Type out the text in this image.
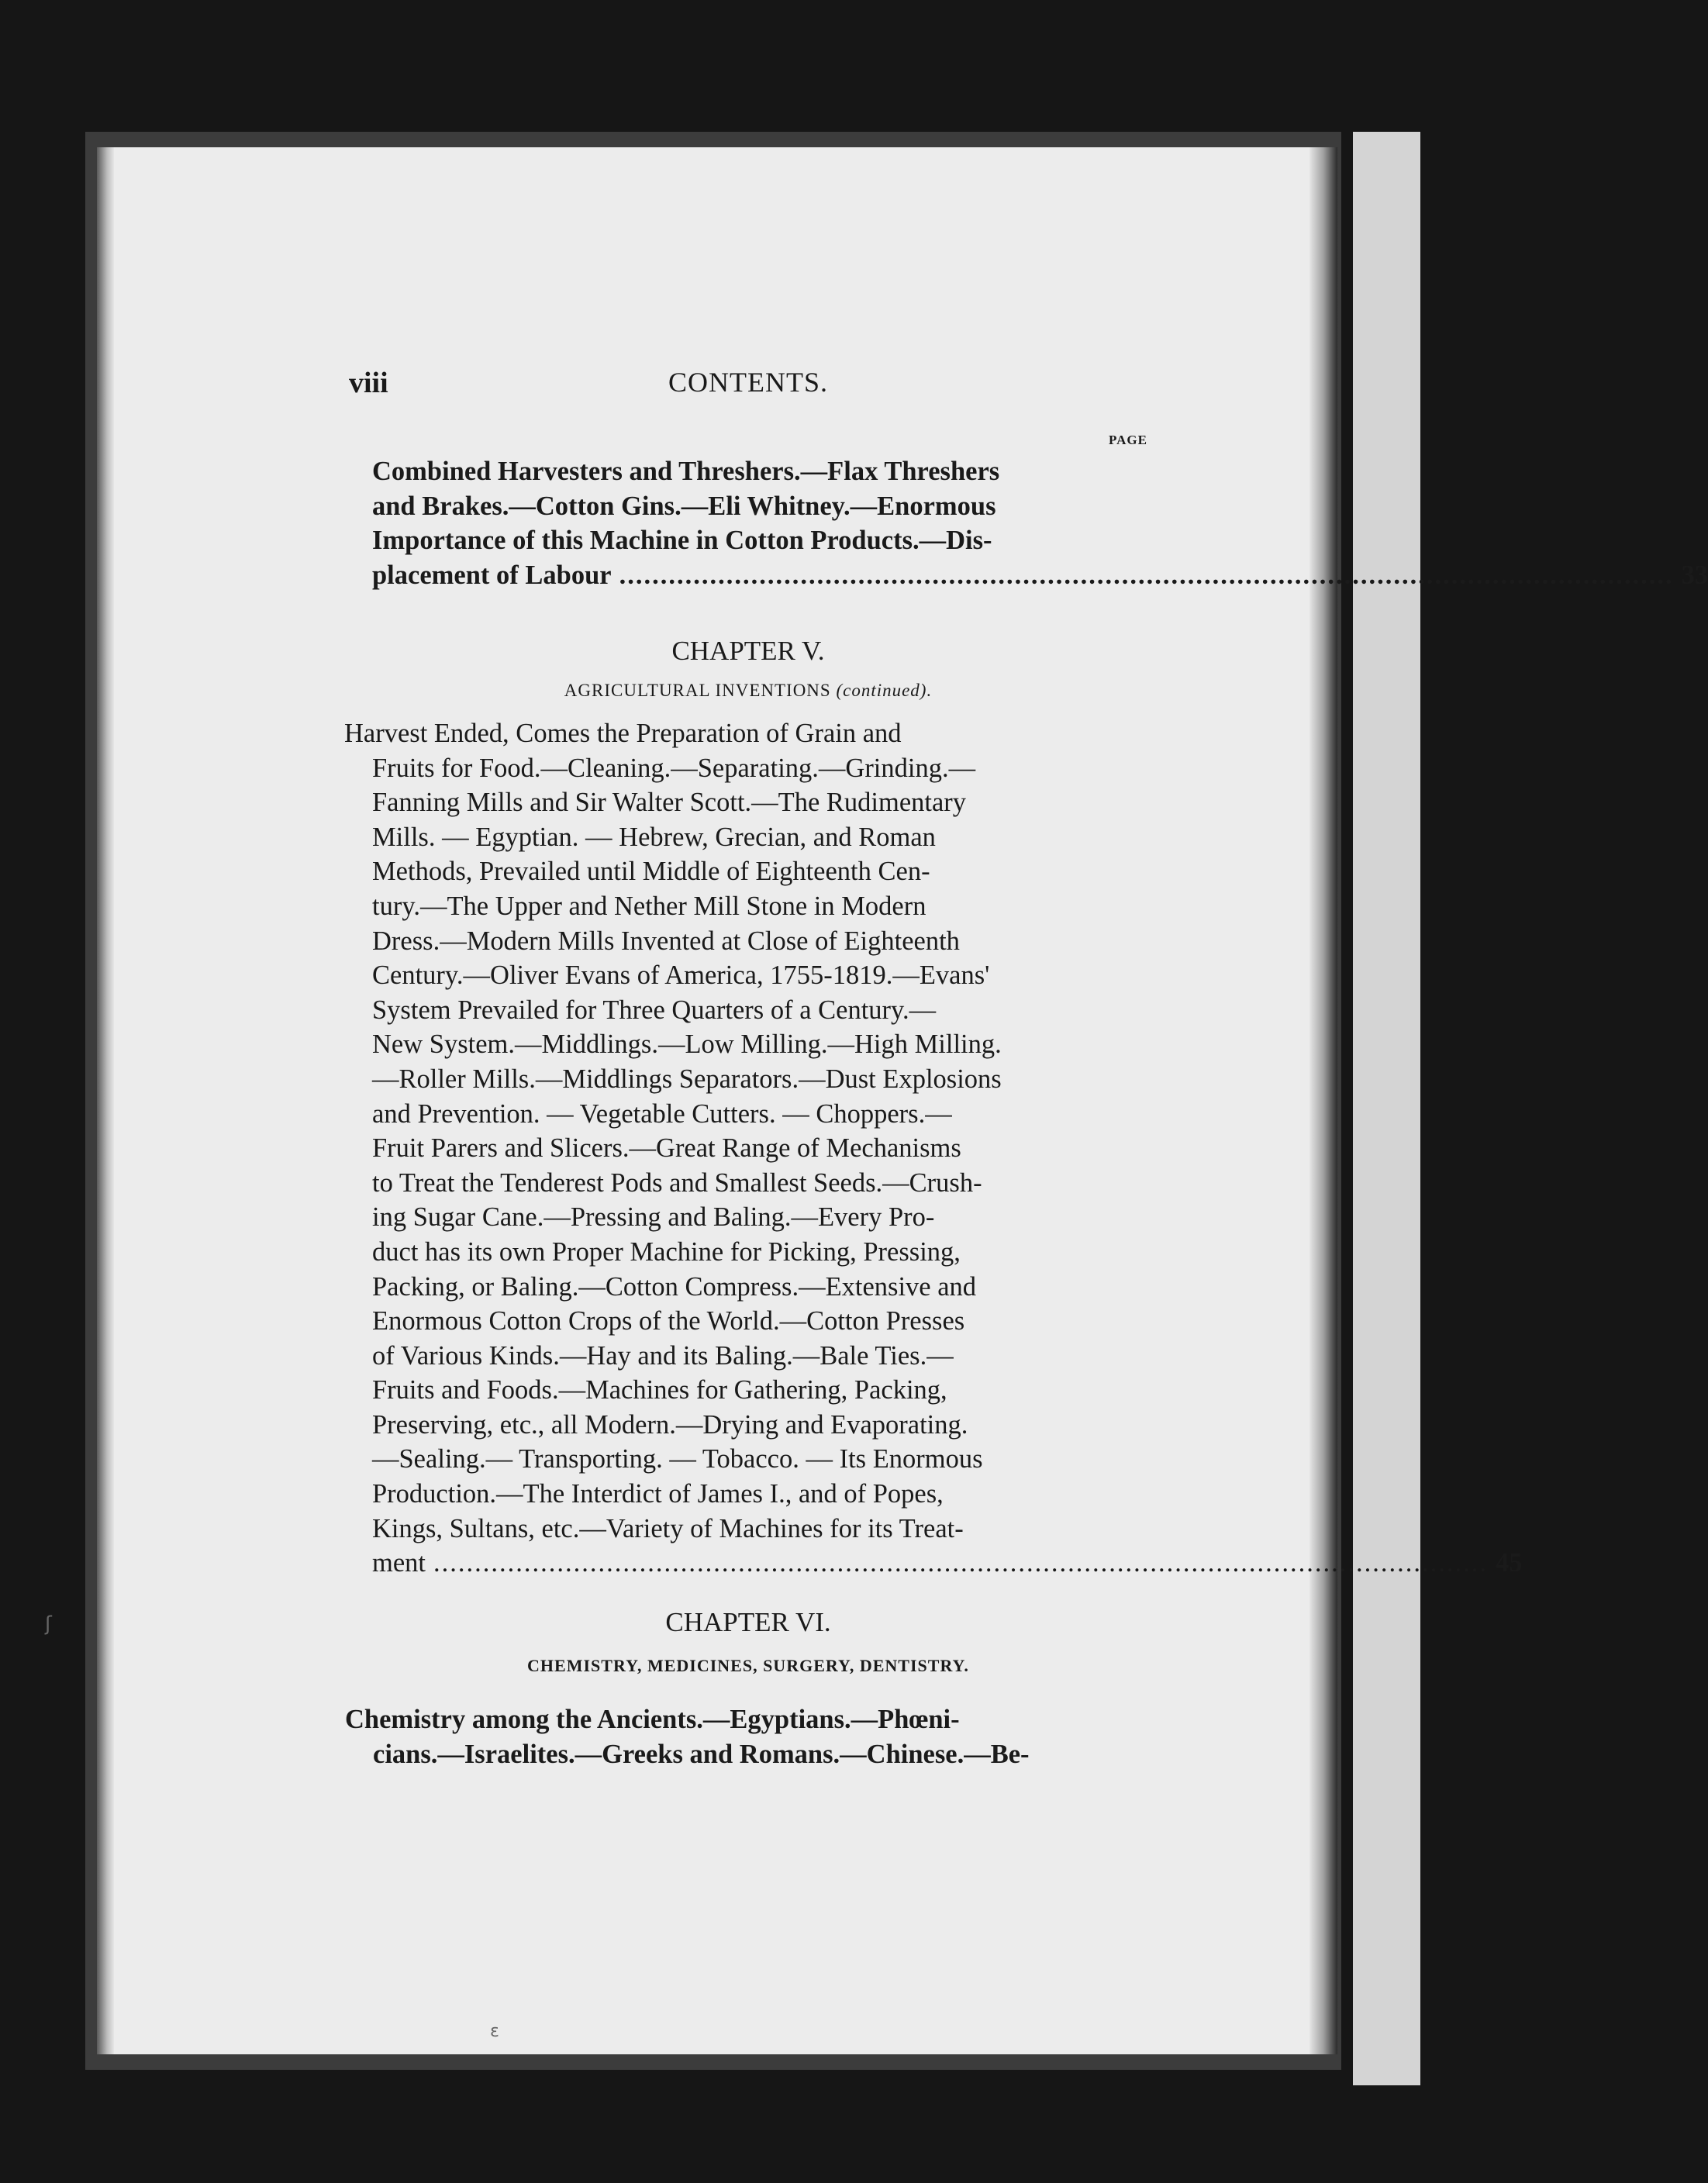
viii	CONTENTS.
PAGE
Combined Harvesters and Threshers.—Flax Threshers
and Brakes.—Cotton Gins.—Eli Whitney.—Enormous
Importance of this Machine in Cotton Products.—Dis-
placement of Labour ................................................................................................................................ 33
CHAPTER V.
AGRICULTURAL INVENTIONS (continued).
Harvest Ended, Comes the Preparation of Grain and
Fruits for Food.—Cleaning.—Separating.—Grinding.—
Fanning Mills and Sir Walter Scott.—The Rudimentary
Mills. — Egyptian. — Hebrew, Grecian, and Roman
Methods, Prevailed until Middle of Eighteenth Cen-
tury.—The Upper and Nether Mill Stone in Modern
Dress.—Modern Mills Invented at Close of Eighteenth
Century.—Oliver Evans of America, 1755-1819.—Evans'
System Prevailed for Three Quarters of a Century.—
New System.—Middlings.—Low Milling.—High Milling.
—Roller Mills.—Middlings Separators.—Dust Explosions
and Prevention. — Vegetable Cutters. — Choppers.—
Fruit Parers and Slicers.—Great Range of Mechanisms
to Treat the Tenderest Pods and Smallest Seeds.—Crush-
ing Sugar Cane.—Pressing and Baling.—Every Pro-
duct has its own Proper Machine for Picking, Pressing,
Packing, or Baling.—Cotton Compress.—Extensive and
Enormous Cotton Crops of the World.—Cotton Presses
of Various Kinds.—Hay and its Baling.—Bale Ties.—
Fruits and Foods.—Machines for Gathering, Packing,
Preserving, etc., all Modern.—Drying and Evaporating.
—Sealing.— Transporting. — Tobacco. — Its Enormous
Production.—The Interdict of James I., and of Popes,
Kings, Sultans, etc.—Variety of Machines for its Treat-
ment ................................................................................................................................ 45
CHAPTER VI.
CHEMISTRY, MEDICINES, SURGERY, DENTISTRY.
Chemistry among the Ancients.—Egyptians.—Phœni-
cians.—Israelites.—Greeks and Romans.—Chinese.—Be-
ʃ
ɛ
